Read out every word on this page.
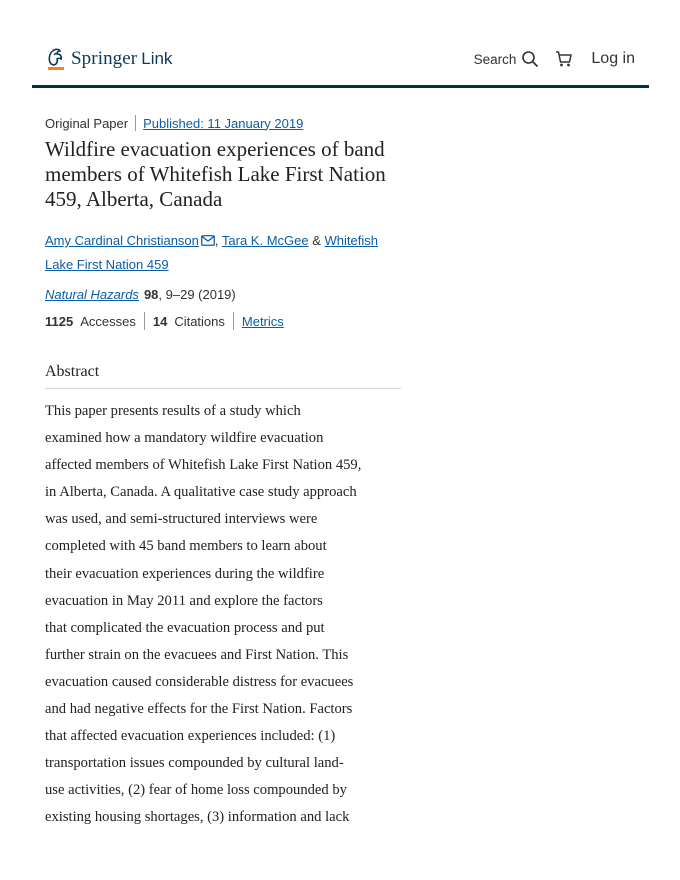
Springer Link	Search	Log in
Original Paper Published: 11 January 2019
Wildfire evacuation experiences of band members of Whitefish Lake First Nation 459, Alberta, Canada
Amy Cardinal Christianson , Tara K. McGee & Whitefish Lake First Nation 459
Natural Hazards 98, 9–29 (2019)
1125 Accesses 14 Citations Metrics
Abstract
This paper presents results of a study which
examined how a mandatory wildfire evacuation
affected members of Whitefish Lake First Nation 459,
in Alberta, Canada. A qualitative case study approach
was used, and semi-structured interviews were
completed with 45 band members to learn about
their evacuation experiences during the wildfire
evacuation in May 2011 and explore the factors
that complicated the evacuation process and put
further strain on the evacuees and First Nation. This
evacuation caused considerable distress for evacuees
and had negative effects for the First Nation. Factors
that affected evacuation experiences included: (1)
transportation issues compounded by cultural land-
use activities, (2) fear of home loss compounded by
existing housing shortages, (3) information and lack
